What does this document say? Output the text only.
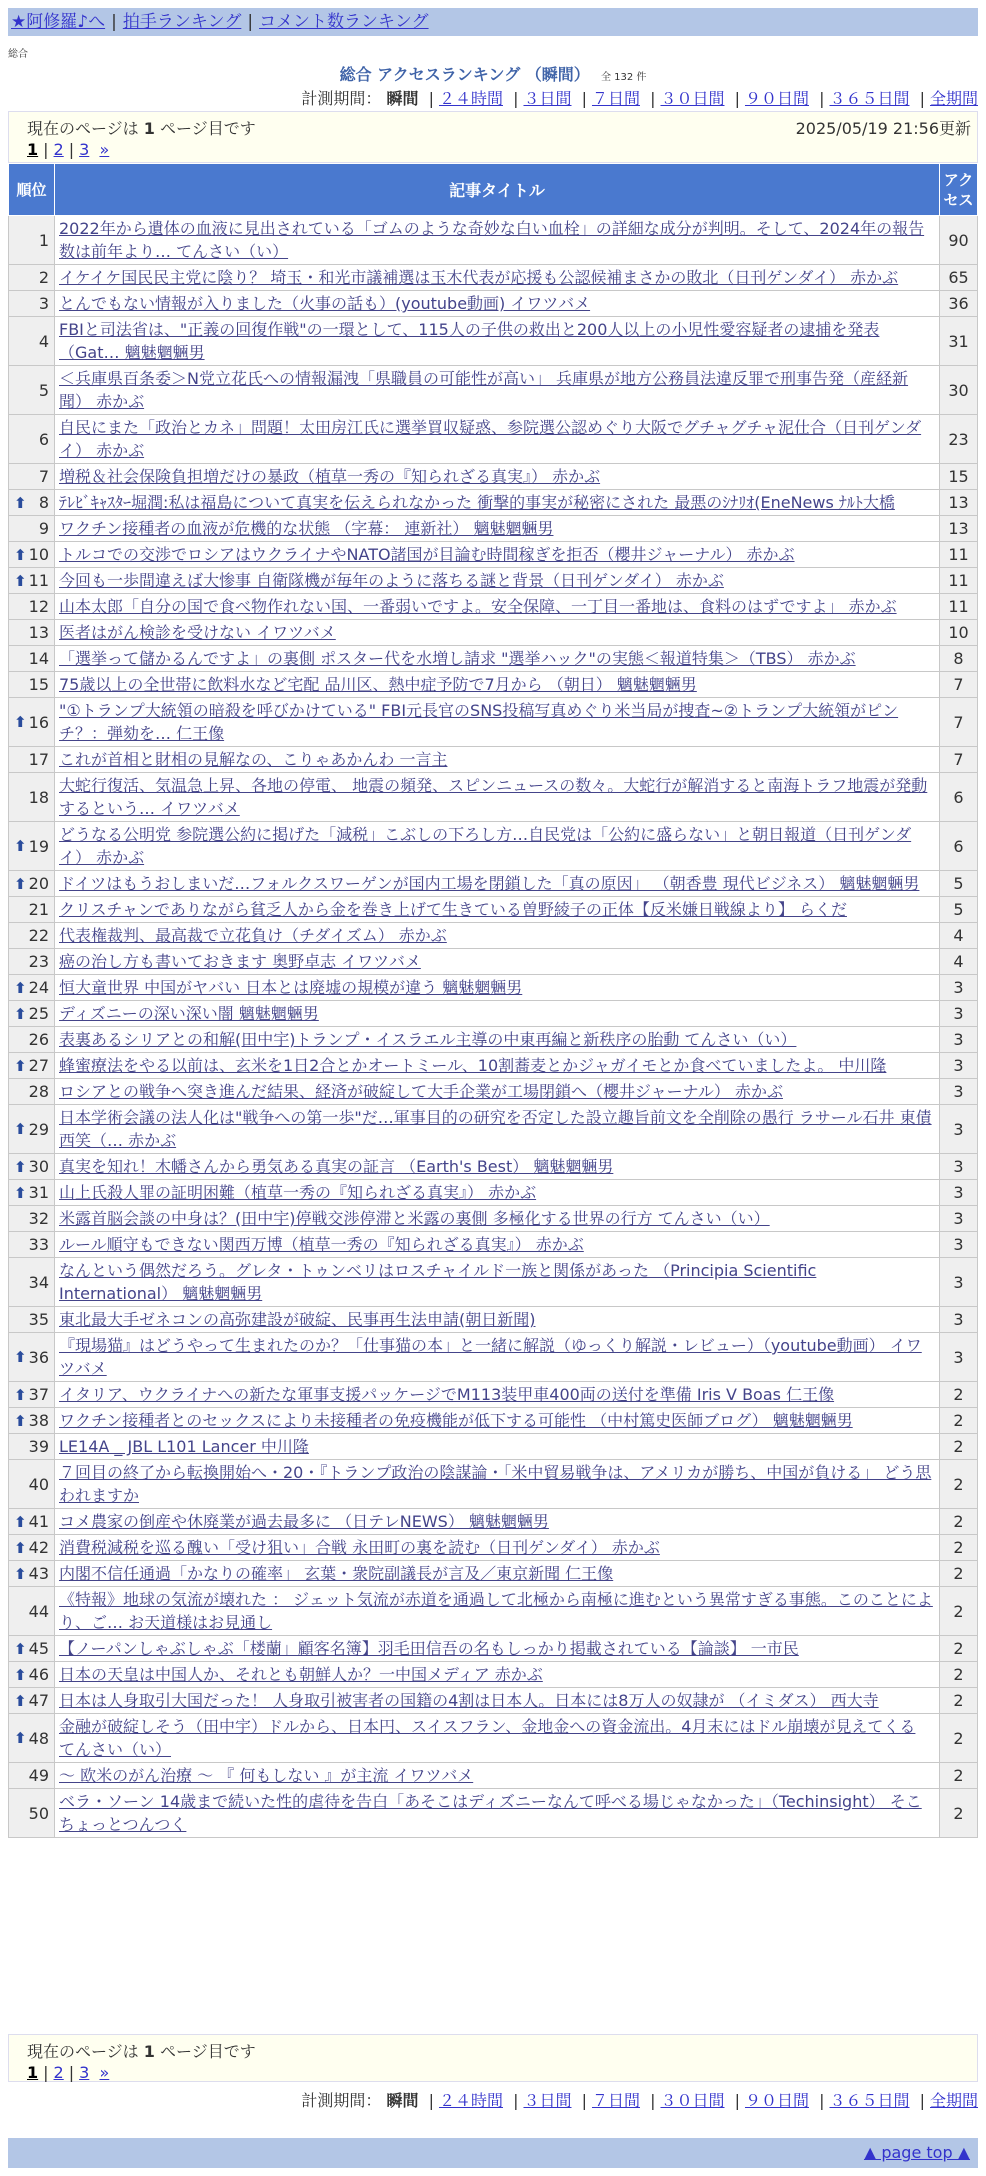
★阿修羅♪へ | 拍手ランキング | コメント数ランキング
総合
総合 アクセスランキング （瞬間） 全 132 件
計測期間： 瞬間 | ２４時間 | ３日間 | ７日間 | ３０日間 | ９０日間 | ３６５日間 | 全期間
現在のページは 1 ページ目です	2025/05/19 21:56更新
1 | 2 | 3 »
順位	記事タイトル	アクセス
1	2022年から遺体の血液に見出されている「ゴムのような奇妙な白い血栓」の詳細な成分が判明。そして、2024年の報告数は前年より… てんさい（い）	90
2	イケイケ国民民主党に陰り？ 埼玉・和光市議補選は玉木代表が応援も公認候補まさかの敗北（日刊ゲンダイ） 赤かぶ	65
3	とんでもない情報が入りました（火事の話も）(youtube動画) イワツバメ	36
4	FBIと司法省は、"正義の回復作戦"の一環として、115人の子供の救出と200人以上の小児性愛容疑者の逮捕を発表（Gat… 魑魅魍魎男	31
5	＜兵庫県百条委＞N党立花氏への情報漏洩「県職員の可能性が高い」 兵庫県が地方公務員法違反罪で刑事告発（産経新聞） 赤かぶ	30
6	自民にまた「政治とカネ」問題！太田房江氏に選挙買収疑惑、参院選公認めぐり大阪でグチャグチャ泥仕合（日刊ゲンダイ） 赤かぶ	23
7	増税＆社会保険負担増だけの暴政（植草一秀の『知られざる真実』） 赤かぶ	15

⬆ 8	ﾃﾚﾋﾞｷｬｽﾀｰ堀潤:私は福島について真実を伝えられなかった 衝撃的事実が秘密にされた 最悪のｼﾅﾘｵ(EneNews ﾅﾙﾄ大橋	13
9	ワクチン接種者の血液が危機的な状態 （字幕： 連新社） 魑魅魍魎男	13

⬆ 10	トルコでの交渉でロシアはウクライナやNATO諸国が目論む時間稼ぎを拒否（櫻井ジャーナル） 赤かぶ	11

⬆ 11	今回も一歩間違えば大惨事 自衛隊機が毎年のように落ちる謎と背景（日刊ゲンダイ） 赤かぶ	11
12	山本太郎「自分の国で食べ物作れない国、一番弱いですよ。安全保障、一丁目一番地は、食料のはずですよ」 赤かぶ	11
13	医者はがん検診を受けない イワツバメ	10
14	「選挙って儲かるんですよ」の裏側 ポスター代を水増し請求 "選挙ハック"の実態＜報道特集＞（TBS） 赤かぶ	8
15	75歳以上の全世帯に飲料水など宅配 品川区、熱中症予防で7月から （朝日） 魑魅魍魎男	7

⬆ 16	"①トランプ大統領の暗殺を呼びかけている" FBI元長官のSNS投稿写真めぐり米当局が捜査~②トランプ大統領がピンチ？：弾劾を… 仁王像	7
17	これが首相と財相の見解なの、こりゃあかんわ 一言主	7
18	大蛇行復活、気温急上昇、各地の停電、 地震の頻発、スピンニュースの数々。大蛇行が解消すると南海トラフ地震が発動するという… イワツバメ	6

⬆ 19	どうなる公明党 参院選公約に掲げた「減税」こぶしの下ろし方…自民党は「公約に盛らない」と朝日報道（日刊ゲンダイ） 赤かぶ	6

⬆ 20	ドイツはもうおしまいだ…フォルクスワーゲンが国内工場を閉鎖した「真の原因」 （朝香豊 現代ビジネス） 魑魅魍魎男	5
21	クリスチャンでありながら貧乏人から金を巻き上げて生きている曽野綾子の正体【反米嫌日戦線より】 らくだ	5
22	代表権裁判、最高裁で立花負け（チダイズム） 赤かぶ	4
23	癌の治し方も書いておきます 奥野卓志 イワツバメ	4

⬆ 24	恒大童世界 中国がヤバい 日本とは廃墟の規模が違う 魑魅魍魎男	3

⬆ 25	ディズニーの深い深い闇 魑魅魍魎男	3
26	表裏あるシリアとの和解(田中宇)トランプ・イスラエル主導の中東再編と新秩序の胎動 てんさい（い）	3

⬆ 27	蜂蜜療法をやる以前は、玄米を1日2合とかオートミール、10割蕎麦とかジャガイモとか食べていましたよ。 中川隆	3
28	ロシアとの戦争へ突き進んだ結果、経済が破綻して大手企業が工場閉鎖へ（櫻井ジャーナル） 赤かぶ	3

⬆ 29	日本学術会議の法人化は"戦争への第一歩"だ…軍事目的の研究を否定した設立趣旨前文を全削除の愚行 ラサール石井 東債西笑（… 赤かぶ	3

⬆ 30	真実を知れ！木幡さんから勇気ある真実の証言 （Earth's Best） 魑魅魍魎男	3

⬆ 31	山上氏殺人罪の証明困難（植草一秀の『知られざる真実』） 赤かぶ	3
32	米露首脳会談の中身は？(田中宇)停戦交渉停滞と米露の裏側 多極化する世界の行方 てんさい（い）	3
33	ルール順守もできない関西万博（植草一秀の『知られざる真実』） 赤かぶ	3
34	なんという偶然だろう。グレタ・トゥンベリはロスチャイルド一族と関係があった （Principia Scientific International） 魑魅魍魎男	3
35	東北最大手ゼネコンの高弥建設が破綻、民事再生法申請(朝日新聞)	3

⬆ 36	『現場猫』はどうやって生まれたのか？「仕事猫の本」と一緒に解説（ゆっくり解説・レビュー）（youtube動画） イワツバメ	3

⬆ 37	イタリア、ウクライナへの新たな軍事支援パッケージでM113装甲車400両の送付を準備 Iris V Boas 仁王像	2

⬆ 38	ワクチン接種者とのセックスにより未接種者の免疫機能が低下する可能性 （中村篤史医師ブログ） 魑魅魍魎男	2
39	LE14A _ JBL L101 Lancer 中川隆	2
40	７回目の終了から転換開始へ・20・『トランプ政治の陰謀論・「米中貿易戦争は、アメリカが勝ち、中国が負ける」 どう思われますか	2

⬆ 41	コメ農家の倒産や休廃業が過去最多に （日テレNEWS） 魑魅魍魎男	2

⬆ 42	消費税減税を巡る醜い「受け狙い」合戦 永田町の裏を読む（日刊ゲンダイ） 赤かぶ	2

⬆ 43	内閣不信任通過「かなりの確率」 玄葉・衆院副議長が言及／東京新聞 仁王像	2
44	《特報》地球の気流が壊れた ： ジェット気流が赤道を通過して北極から南極に進むという異常すぎる事態。このことにより、ご… お天道様はお見通し	2

⬆ 45	【ノーパンしゃぶしゃぶ「楼蘭」顧客名簿】羽毛田信吾の名もしっかり掲載されている【論談】 一市民	2

⬆ 46	日本の天皇は中国人か、それとも朝鮮人か？一中国メディア 赤かぶ	2

⬆ 47	日本は人身取引大国だった！ 人身取引被害者の国籍の4割は日本人。日本には8万人の奴隷が （イミダス） 西大寺	2

⬆ 48	金融が破綻しそう（田中宇）ドルから、日本円、スイスフラン、金地金への資金流出。4月末にはドル崩壊が見えてくる てんさい（い）	2
49	～ 欧米のがん治療 ～ 『 何もしない 』が主流 イワツバメ	2
50	ベラ・ソーン 14歳まで続いた性的虐待を告白「あそこはディズニーなんて呼べる場じゃなかった」（Techinsight） そこちょっとつんつく	2
現在のページは 1 ページ目です
1 | 2 | 3 »
計測期間： 瞬間 | ２４時間 | ３日間 | ７日間 | ３０日間 | ９０日間 | ３６５日間 | 全期間
▲ page top ▲
